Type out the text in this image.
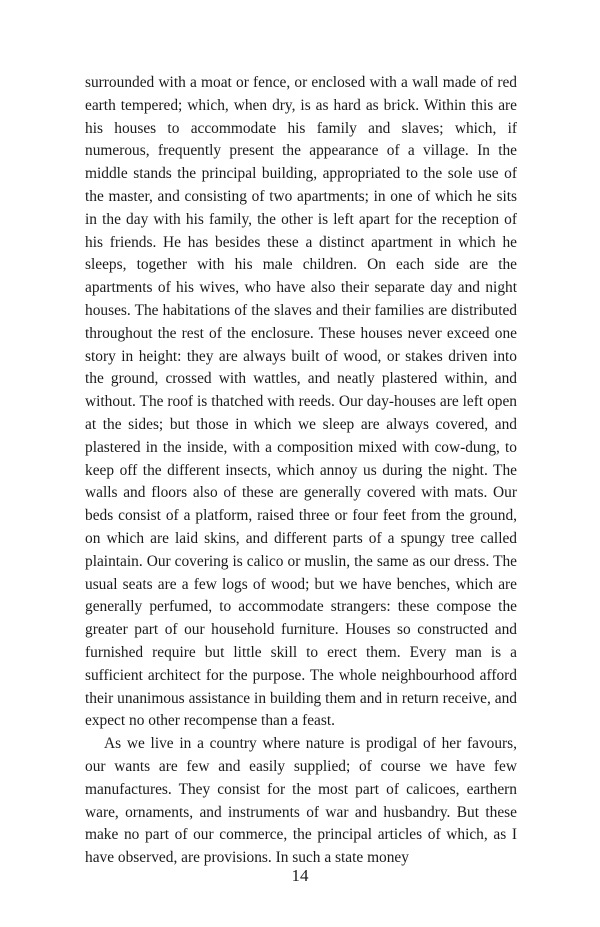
surrounded with a moat or fence, or enclosed with a wall made of red earth tempered; which, when dry, is as hard as brick. Within this are his houses to accommodate his family and slaves; which, if numerous, frequently present the appearance of a village. In the middle stands the principal building, appropriated to the sole use of the master, and consisting of two apartments; in one of which he sits in the day with his family, the other is left apart for the reception of his friends. He has besides these a distinct apartment in which he sleeps, together with his male children. On each side are the apartments of his wives, who have also their separate day and night houses. The habitations of the slaves and their families are distributed throughout the rest of the enclosure. These houses never exceed one story in height: they are always built of wood, or stakes driven into the ground, crossed with wattles, and neatly plastered within, and without. The roof is thatched with reeds. Our day-houses are left open at the sides; but those in which we sleep are always covered, and plastered in the inside, with a composition mixed with cow-dung, to keep off the different insects, which annoy us during the night. The walls and floors also of these are generally covered with mats. Our beds consist of a platform, raised three or four feet from the ground, on which are laid skins, and different parts of a spungy tree called plaintain. Our covering is calico or muslin, the same as our dress. The usual seats are a few logs of wood; but we have benches, which are generally perfumed, to accommodate strangers: these compose the greater part of our household furniture. Houses so constructed and furnished require but little skill to erect them. Every man is a sufficient architect for the purpose. The whole neighbourhood afford their unanimous assistance in building them and in return receive, and expect no other recompense than a feast.

As we live in a country where nature is prodigal of her favours, our wants are few and easily supplied; of course we have few manufactures. They consist for the most part of calicoes, earthern ware, ornaments, and instruments of war and husbandry. But these make no part of our commerce, the principal articles of which, as I have observed, are provisions. In such a state money

14
